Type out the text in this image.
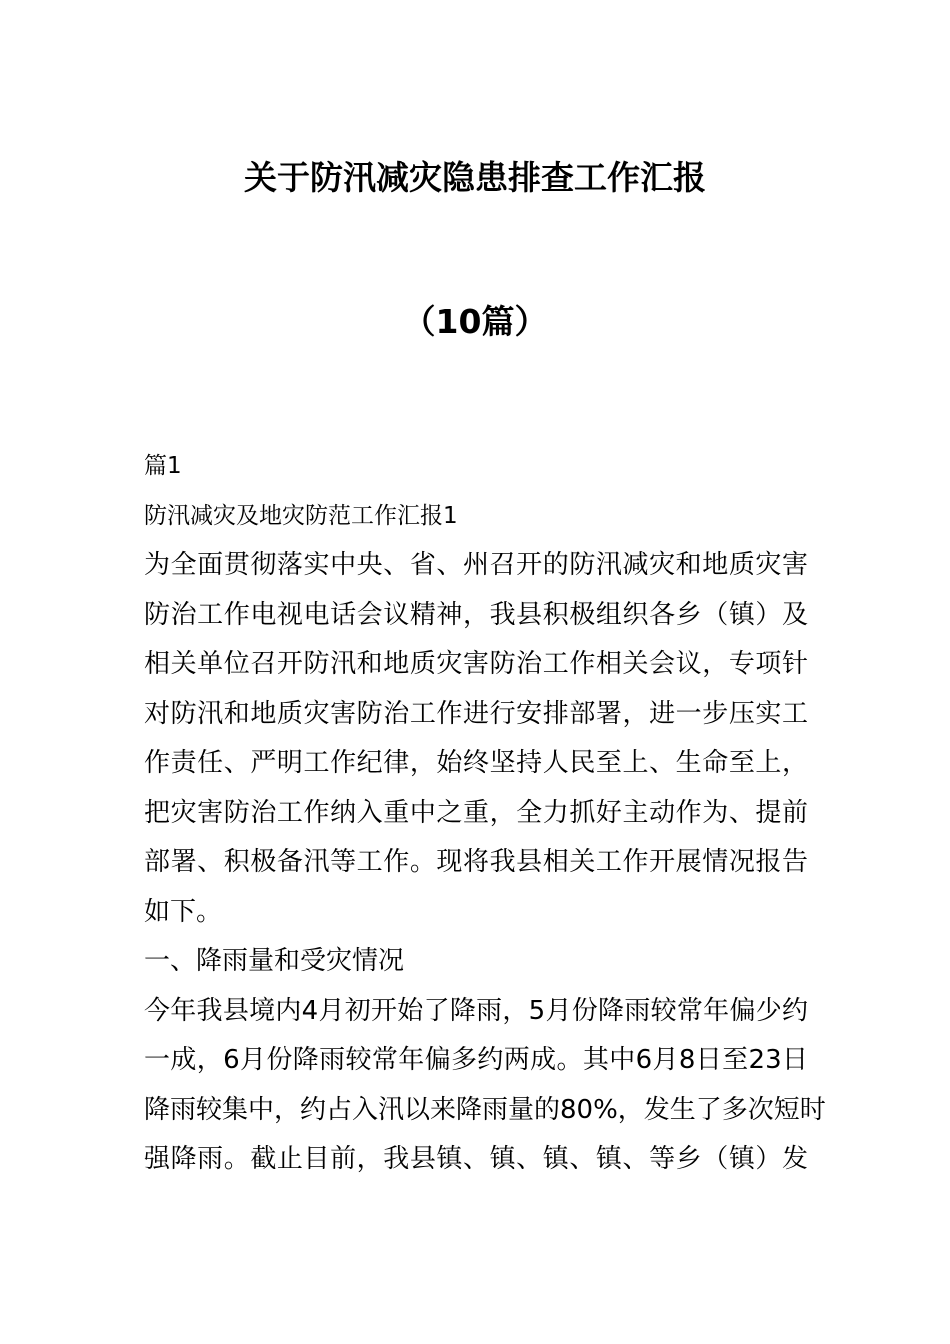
关于防汛减灾隐患排查工作汇报
（10篇）
篇1
防汛减灾及地灾防范工作汇报1
为全面贯彻落实中央、省、州召开的防汛减灾和地质灾害
防治工作电视电话会议精神，我县积极组织各乡（镇）及
相关单位召开防汛和地质灾害防治工作相关会议，专项针
对防汛和地质灾害防治工作进行安排部署，进一步压实工
作责任、严明工作纪律，始终坚持人民至上、生命至上，
把灾害防治工作纳入重中之重，全力抓好主动作为、提前
部署、积极备汛等工作。现将我县相关工作开展情况报告
如下。
一、降雨量和受灾情况
今年我县境内4月初开始了降雨，5月份降雨较常年偏少约
一成，6月份降雨较常年偏多约两成。其中6月8日至23日
降雨较集中，约占入汛以来降雨量的80%，发生了多次短时
强降雨。截止目前，我县镇、镇、镇、镇、等乡（镇）发
